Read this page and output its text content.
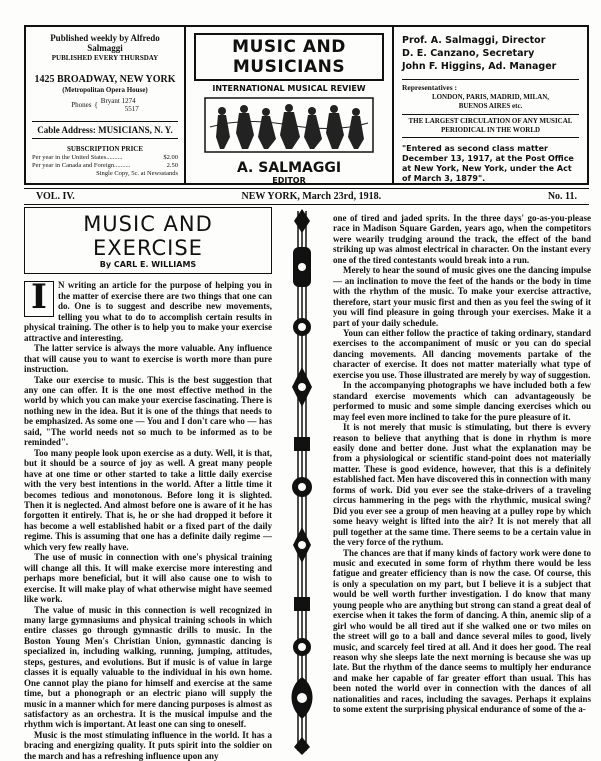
Published weekly by Alfredo Salmaggi
PUBLISHED EVERY THURSDAY
1425 BROADWAY, NEW YORK
(Metropolitan Opera House)
Phones { Bryant 1274
5517
Cable Address: MUSICIANS, N. Y.
SUBSCRIPTION PRICE
Per year in the United States..........	$2.00
Per year in Canada and Foreign..........	2.50
Single Copy, 5c. at Newsstands
MUSIC AND MUSICIANS
INTERNATIONAL MUSICAL REVIEW
A. SALMAGGI
EDITOR
Prof. A. Salmaggi, Director
D. E. Canzano, Secretary
John F. Higgins, Ad. Manager
Representatives :
LONDON, PARIS, MADRID, MILAN,
BUENOS AIRES etc.
THE LARGEST CIRCULATION OF ANY MUSICAL PERIODICAL IN THE WORLD
"Entered as second class matter December 13, 1917, at the Post Office at New York, New York, under the Act of March 3, 1879".
VOL. IV.	NEW YORK, March 23rd, 1918.	No. 11.
MUSIC AND EXERCISE
By CARL E. WILLIAMS

I	N writing an article for the purpose of helping you in the matter of exercise there are two things that one can do. One is to suggest and describe new movements, telling you what to do to accomplish certain results in physical training. The other is to help you to make your exercise attractive and interesting.

The latter service is always the more valuable. Any influence that will cause you to want to exercise is worth more than pure instruction.

Take our exercise to music. This is the best suggestion that any one can offer. It is the one most effective method in the world by which you can make your exercise fascinating. There is nothing new in the idea. But it is one of the things that needs to be emphasized. As some one — You and I don't care who — has said, "The world needs not so much to be informed as to be reminded".

Too many people look upon exercise as a duty. Well, it is that, but it should be a source of joy as well. A great many people have at one time or other started to take a little daily exercise with the very best intentions in the world. After a little time it becomes tedious and monotonous. Before long it is slighted. Then it is neglected. And almost before one is aware of it he has forgotten it entirely. That is, he or she had dropped it before it has become a well established habit or a fixed part of the daily regime. This is assuming that one has a definite daily regime — which very few really have.

The use of music in connection with one's physical training will change all this. It will make exercise more interesting and perhaps more beneficial, but it will also cause one to wish to exercise. It will make play of what otherwise might have seemed like work.

The value of music in this connection is well recognized in many large gymnasiums and physical training schools in which entire classes go through gymnastic drills to music. In the Boston Young Men's Christian Union, gymnastic dancing is specialized in, including walking, running, jumping, attitudes, steps, gestures, and evolutions. But if music is of value in large classes it is equally valuable to the individual in his own home. One cannot play the piano for himself and exercise at the same time, but a phonograph or an electric piano will supply the music in a manner which for mere dancing purposes is almost as satisfactory as an orchestra. It is the musical impulse and the rhythm wich is important. At least one can sing to oneself.

Music is the most stimulating influence in the world. It has a bracing and energizing quality. It puts spirit into the soldier on the march and has a refreshing influence upon any

one of tired and jaded sprits. In the three days' go-as-you-please race in Madison Square Garden, years ago, when the competitors were wearily trudging around the track, the effect of the band striking up was almost electrical in character. On the instant every one of the tired contestants would break into a run.

Merely to hear the sound of music gives one the dancing impulse — an inclination to move the feet of the hands or the body in time with the rhythm of the music. To make your exercise attractive, therefore, start your music first and then as you feel the swing of it you will find pleasure in going through your exercises. Make it a part of your daily schedule.

Youn can either follow the practice of taking ordinary, standard exercises to the accompaniment of music or you can do special dancing movements. All dancing movements partake of the character of exercise. It does not matter materially what type of exercise you use. Those illustrated are merely by way of suggestion.

In the accompanying photographs we have included both a few standard exercise movements which can advantageously be performed to music and some simple dancing exercises which ou may feel even more inclined to take for the pure pleasure of it.

It is not merely that music is stimulating, but there is evvery reason to believe that anything that is done in rhythm is more easily done and better done. Just what the explanation may be from a physiological or scientific stand-point does not materially matter. These is good evidence, however, that this is a definitely established fact. Men have discovered this in connection with many forms of work. Did you ever see the stake-drivers of a traveling circus hammering in the pegs with the rhythmic, musical swing? Did you ever see a group of men heaving at a pulley rope by which some heavy weight is lifted into the air? It is not merely that all pull together at the same time. There seems to be a certain value in the very force of the rythum.

The chances are that if many kinds of factory work were done to music and executed in some form of rhythm there would be less fatigue and greater efficiency than is now the case. Of course, this is only a speculation on my part, but I believe it is a subject that would be well worth further investigation. I do know that many young people who are anything but strong can stand a great deal of exercise when it takes the form of dancing. A thin, anemic slip of a girl who would be all tired aut if she walked one or two miles on the street will go to a ball and dance several miles to good, lively music, and scarcely feel tired at all. And it does her good. The real reason why she sleeps late the next morning is because she was up late. But the rhythm of the dance seems to multiply her endurance and make her capable of far greater effort than usual. This has been noted the world over in connection with the dances of all nationalities and races, including the savages. Perhaps it explains to some extent the surprising physical endurance of some of the a-
